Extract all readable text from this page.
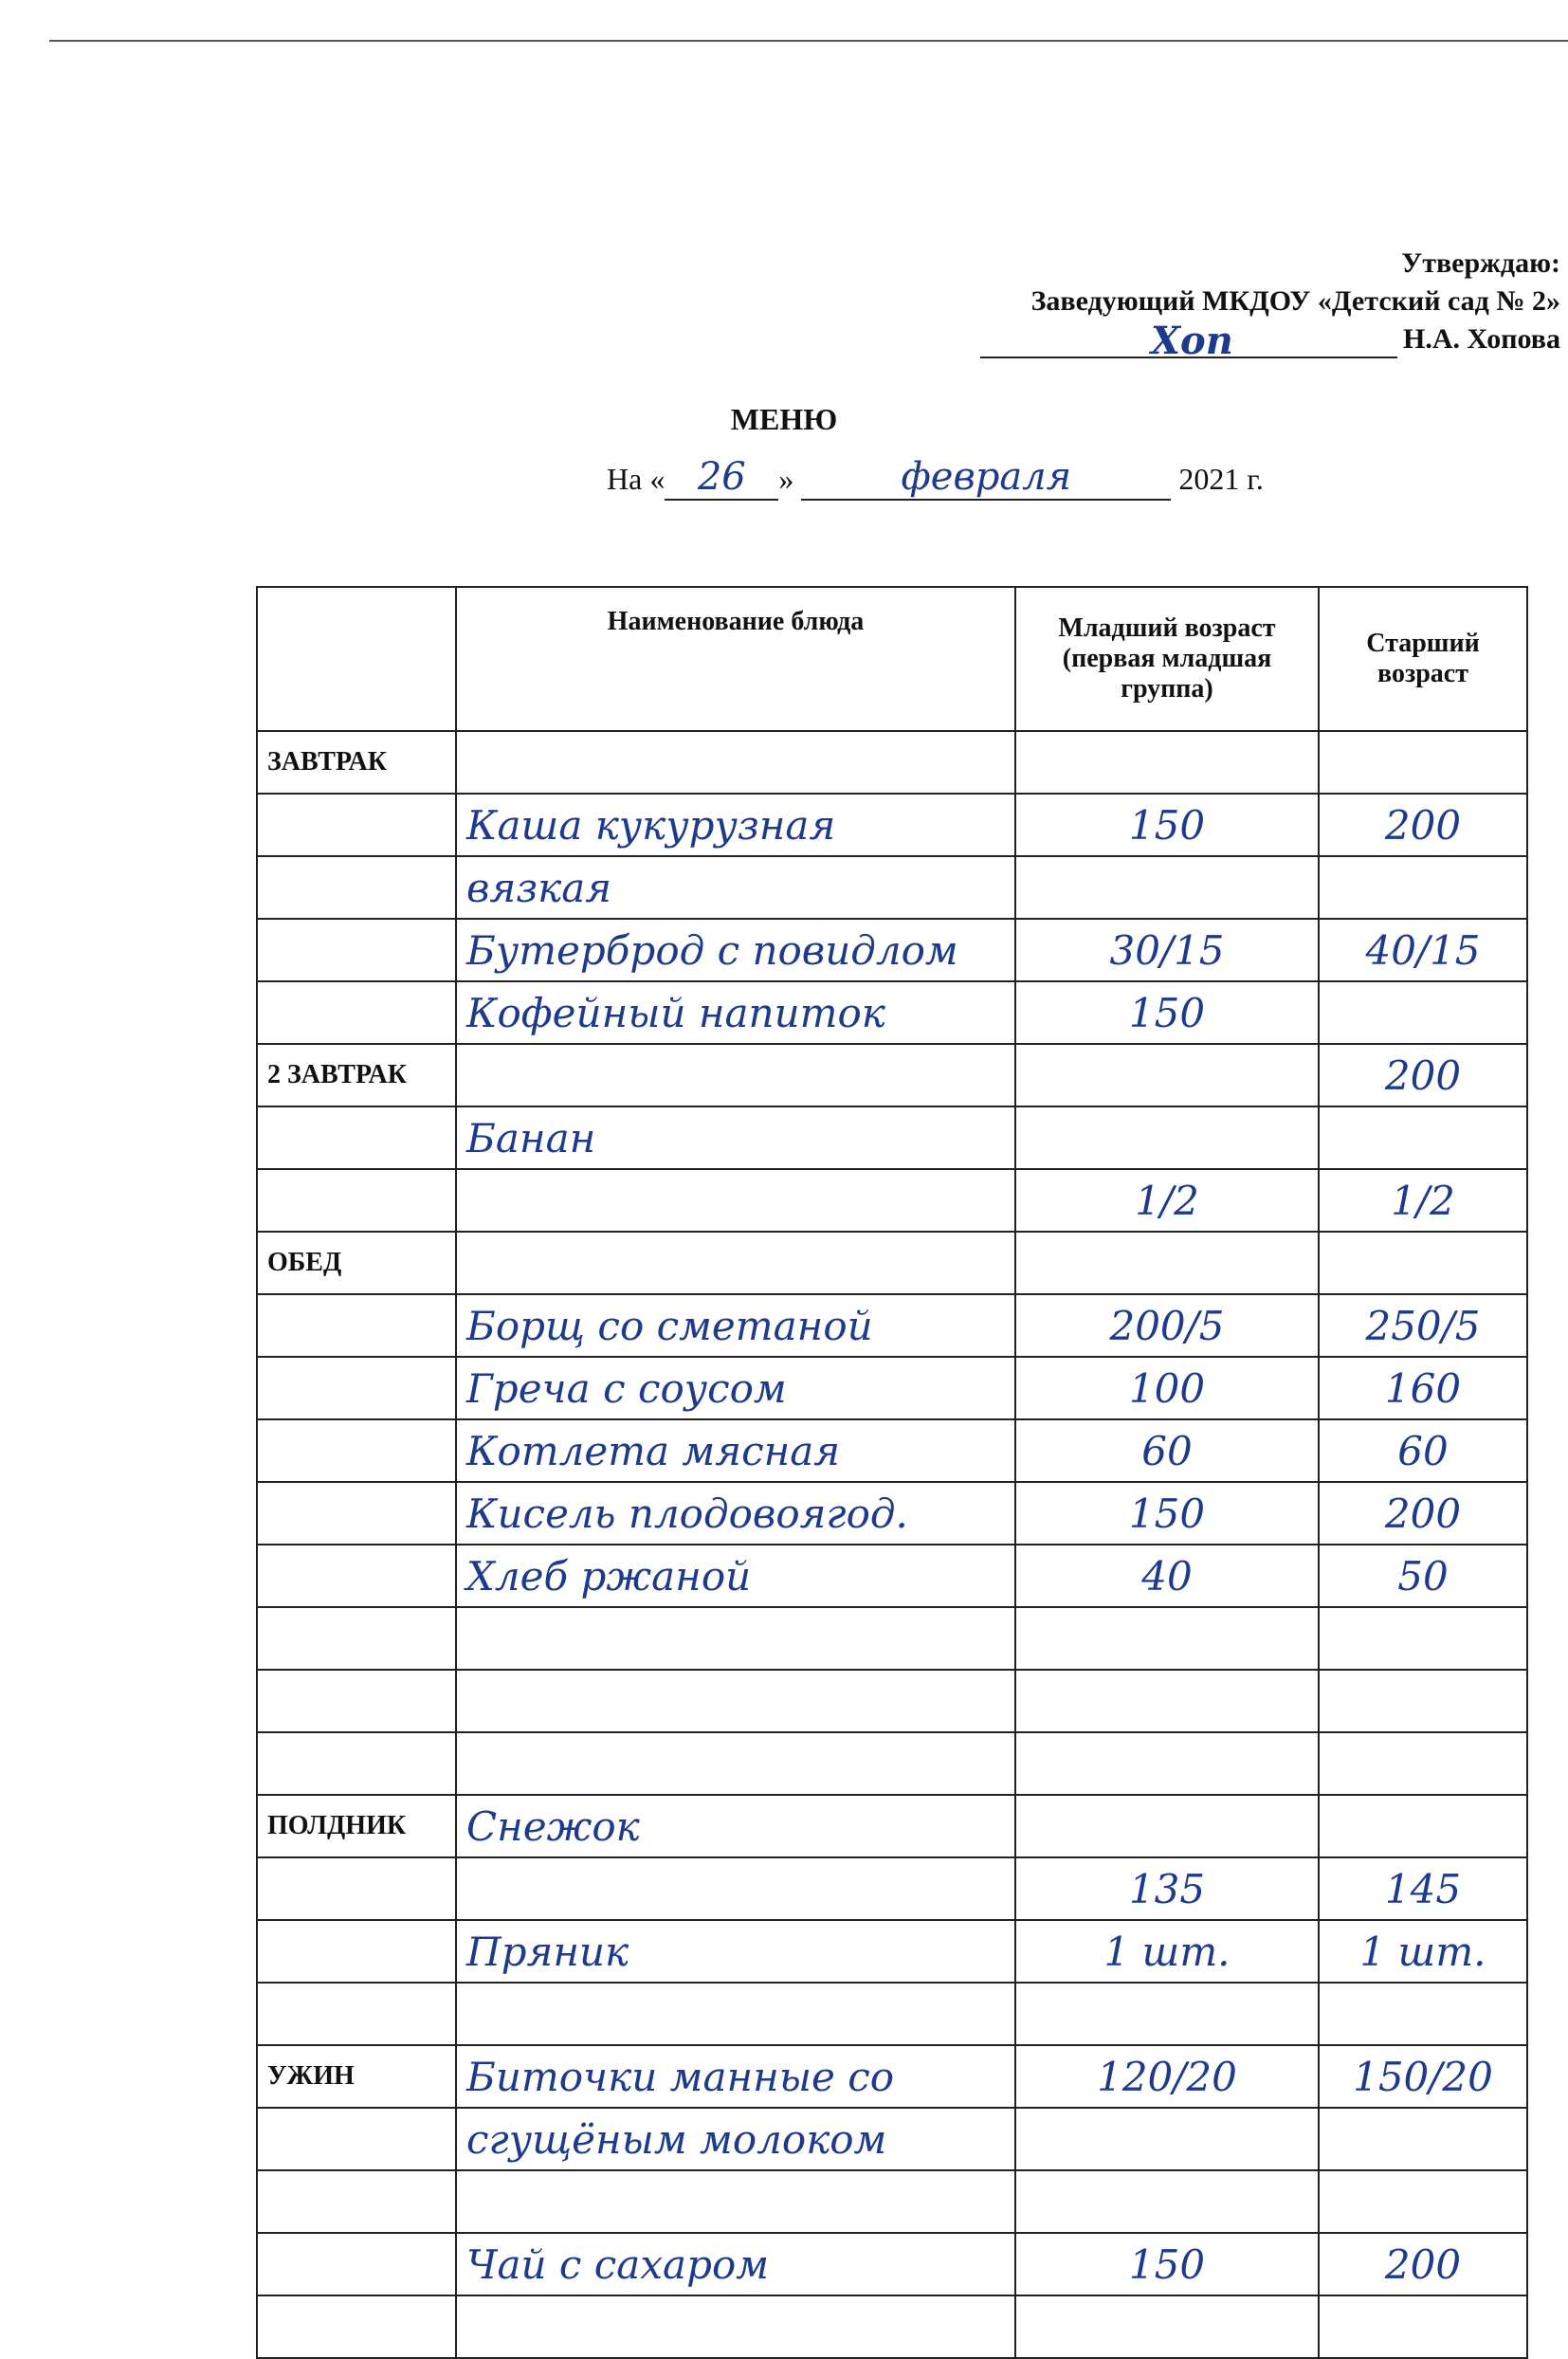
Утверждаю:
Заведующий МКДОУ «Детский сад № 2»
Хоп	Н.А. Хопова
МЕНЮ
На « 26 »	февраля	2021 г.
	Наименование блюда	Младший возраст (первая младшая группа)	Старший возраст
ЗАВТРАК			
	Каша кукурузная	150	200
	вязкая		
	Бутерброд с повидлом	30/15	40/15
	Кофейный напиток	150	
2 ЗАВТРАК			200
	Банан		
		1/2	1/2
ОБЕД			
	Борщ со сметаной	200/5	250/5
	Греча с соусом	100	160
	Котлета мясная	60	60
	Кисель плодовоягод.	150	200
	Хлеб ржаной	40	50

ПОЛДНИК	Снежок		
		135	145
	Пряник	1 шт.	1 шт.

УЖИН	Биточки манные со	120/20	150/20
	сгущёным молоком		

	Чай с сахаром	150	200
